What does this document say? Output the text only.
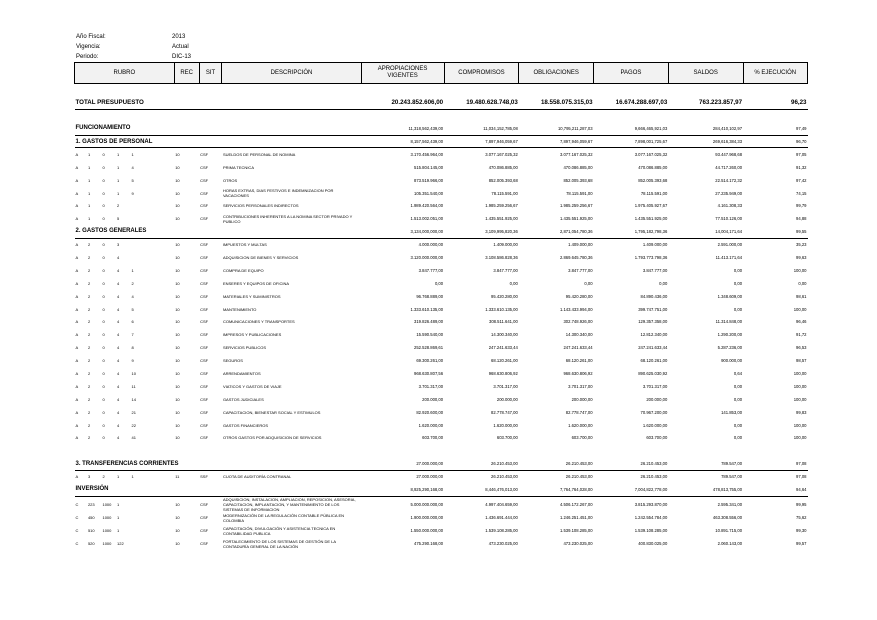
Año Fiscal:	2013
Vigencia:	Actual
Periodo:	DIC-13
RUBRO					REC	SIT	DESCRIPCIÓN	APROPIACIONES VIGENTES	COMPROMISOS	OBLIGACIONES	PAGOS	SALDOS	% EJECUCIÓN

TOTAL PRESUPUESTO								20.243.852.606,00	19.480.628.748,03	18.558.075.315,03	16.674.288.697,03	763.223.857,97	96,23

FUNCIONAMIENTO								11,318,562,439,00	11,034,152,785,08	10,795,211,287,03	9,666,465,921,03	284,410,102,97	97,49
1. GASTOS DE PERSONAL								8,157,562,439,00	7,897,946,059,67	7,897,946,059,67	7,898,001,725,67	269,616,384,33	96,70
A	1	0	1	1	10	CSF	SUELDOS DE PERSONAL DE NOMINA	3.170.456.964,00	3.077.167.025,32	3.077.167.025,32	3.077.167.025,32	93.447.968,68	97,05
A	1	0	1	4	10	CSF	PRIMA TECNICA	515.804.145,00	470.086.885,00	470.086.885,00	470.086.885,00	44.717.260,00	91,32
A	1	0	1	5	10	CSF	OTROS	873.519.966,00	852.005.393,68	852.005.393,68	852.005.393,68	22.514.172,32	97,42
A	1	0	1	9	10	CSF	HORAS EXTRAS, DIAS FESTIVOS E INDEMNIZACION POR VACACIONES	105.351.540,00	78.115.591,00	78.115.591,00	78.115.591,00	27.235.949,00	74,15
A	1	0	2		10	CSF	SERVICIOS PERSONALES INDIRECTOS	1.989.420.564,00	1.985.259.256,67	1.985.259.256,67	1.975.405.927,67	4.161.308,33	99,79
A	1	0	5		10	CSF	CONTRIBUCIONES INHERENTES A LA NOMINA SECTOR PRIVADO Y PUBLICO	1.513.002.051,00	1.435.551.925,00	1.435.551.925,00	1.435.551.925,00	77.510.126,00	94,88
2. GASTOS GENERALES								3,134,000,000,00	3,109,995,820,36	2,871,054,780,36	1,795,182,798,36	14,004,171,64	99,55
A	2	0	3		10	CSF	IMPUESTOS Y MULTAS	4.000.000,00	1.409.000,00	1.409.000,00	1.409.000,00	2.591.000,00	35,23
A	2	0	4		10	CSF	ADQUISICION DE BIENES Y SERVICIOS	3.120.000.000,00	3.108.586.828,36	2.869.645.780,36	1.793.773.798,36	11.413.171,64	99,63
A	2	0	4	1	10	CSF	COMPRA DE EQUIPO	3.847.777,00	3.847.777,00	3.847.777,00	3.847.777,00	0,00	100,00
A	2	0	4	2	10	CSF	ENSERES Y EQUIPOS DE OFICINA	0,00	0,00	0,00	0,00	0,00	0,00
A	2	0	4	4	10	CSF	MATERIALES Y SUMINISTROS	96.768.889,00	95.420.280,00	95.420.280,00	84.890.436,00	1.348.609,00	98,61
A	2	0	4	5	10	CSF	MANTENIMIENTO	1.333.610.135,00	1.333.610.135,00	1.143.433.994,00	399.747.751,00	0,00	100,00
A	2	0	4	6	10	CSF	COMUNICACIONES Y TRANSPORTES	319.826.489,00	308.511.641,00	302.748.926,00	129.357.358,00	11.314.848,00	96,46
A	2	0	4	7	10	CSF	IMPRESOS Y PUBLICACIONES	15.590.540,00	14.300.340,00	14.300.340,00	12.812.340,00	1.290.200,00	91,72
A	2	0	4	8	10	CSF	SERVICIOS PUBLICOS	252.528.869,61	247.241.633,44	247.241.633,44	247.241.633,44	5.287.236,00	96,53
A	2	0	4	9	10	CSF	SEGUROS	69.300.261,00	68.120.261,00	68.120.261,00	68.120.261,00	900.000,00	98,57
A	2	0	4	10	10	CSF	ARRENDAMIENTOS	968.630.807,56	968.630.806,92	968.630.806,92	890.625.030,92	0,64	100,00
A	2	0	4	11	10	CSF	VIATICOS Y GASTOS DE VIAJE	3.701.317,00	3.701.317,00	3.701.317,00	3.701.317,00	0,00	100,00
A	2	0	4	14	10	CSF	GASTOS JUDICIALES	200.000,00	200.000,00	200.000,00	200.000,00	0,00	100,00
A	2	0	4	21	10	CSF	CAPACITACION, BIENESTAR SOCIAL Y ESTIMULOS	82.920.600,00	82.778.747,00	82.778.747,00	70.967.200,00	141.853,00	99,83
A	2	0	4	22	10	CSF	GASTOS FINANCIEROS	1.620.000,00	1.620.000,00	1.620.000,00	1.620.000,00	0,00	100,00
A	2	0	4	41	10	CSF	OTROS GASTOS POR ADQUISICION DE SERVICIOS	603.700,00	603.700,00	603.700,00	603.700,00	0,00	100,00

3. TRANSFERENCIAS CORRIENTES								27.000.000,00	26.210.453,00	26.210.453,00	26.210.453,00	789.547,00	97,08
A	3	2	1	1	11	SSF	CUOTA DE AUDITORÍA CONTRANAL	27.000.000,00	26.210.453,00	26.210.453,00	26.210.453,00	789.547,00	97,08
INVERSIÓN								8,925,290,168,00	8,446,476,013,00	7,764,764,028,00	7,004,822,778,00	478,813,755,00	94,64
C	223	1000	1		10	CSF	ADQUISICION, INSTALACION, AMPLIACION, REPOSICION, ASESORIA, CAPACITACION, IMPLANTACION, Y MANTENIMIENTO DE LOS SISTEMAS DE INFORMACION	5.000.000.000,00	4.997.404.659,00	4.506.172.267,00	3.815.293.870,00	2.595.341,00	99,95
C	450	1000	1		10	CSF	MODERNIZACIÓN DE LA REGULACIÓN CONTABLE PÚBLICA EN COLOMBIA	1.900.000.000,00	1.436.691.444,00	1.246.251.451,00	1.242.554.784,00	463.308.556,00	75,62
C	510	1000	1		10	CSF	CAPACITACIÓN, DIVULGACIÓN Y ASISTENCIA TECNICA EN CONTABILIDAD PUBLICA	1.550.000.000,00	1.539.108.285,00	1.539.108.285,00	1.539.108.285,00	10.891.715,00	99,30
C	520	1000	122		10	CSF	FORTALECIMIENTO DE LOS SISTEMAS DE GESTIÓN DE LA CONTADURÍA GENERAL DE LA NACIÓN	475.290.168,00	473.230.025,00	473.230.025,00	400.830.025,00	2.060.143,00	99,57
